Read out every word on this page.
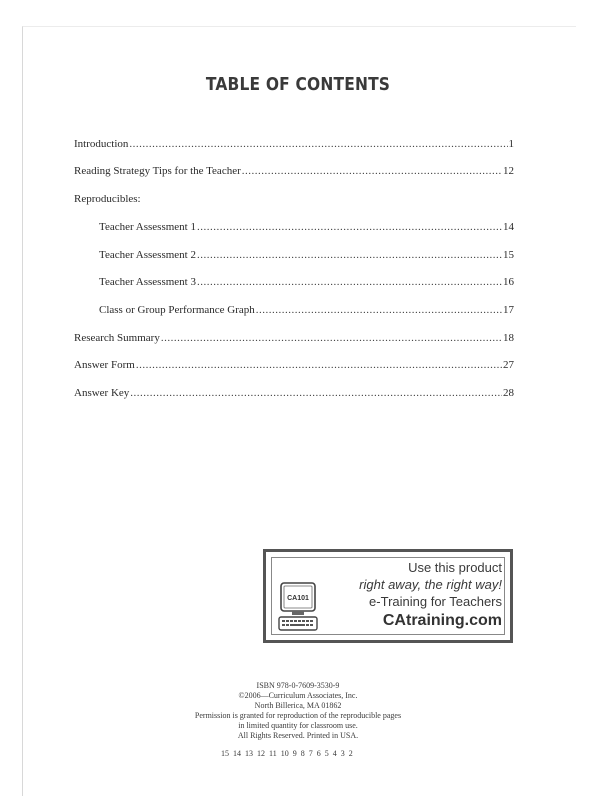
TABLE OF CONTENTS
Introduction .....	1
Reading Strategy Tips for the Teacher .....	12
Reproducibles:
Teacher Assessment 1 .....	14
Teacher Assessment 2 .....	15
Teacher Assessment 3 .....	16
Class or Group Performance Graph .....	17
Research Summary .....	18
Answer Form .....	27
Answer Key .....	28
CA101
Use this product
right away, the right way!
e-Training for Teachers
CAtraining.com
ISBN 978-0-7609-3530-9
©2006—Curriculum Associates, Inc.
North Billerica, MA 01862
Permission is granted for reproduction of the reproducible pages
in limited quantity for classroom use.
All Rights Reserved. Printed in USA.
15 14 13 12 11 10 9 8 7 6 5 4 3 2
